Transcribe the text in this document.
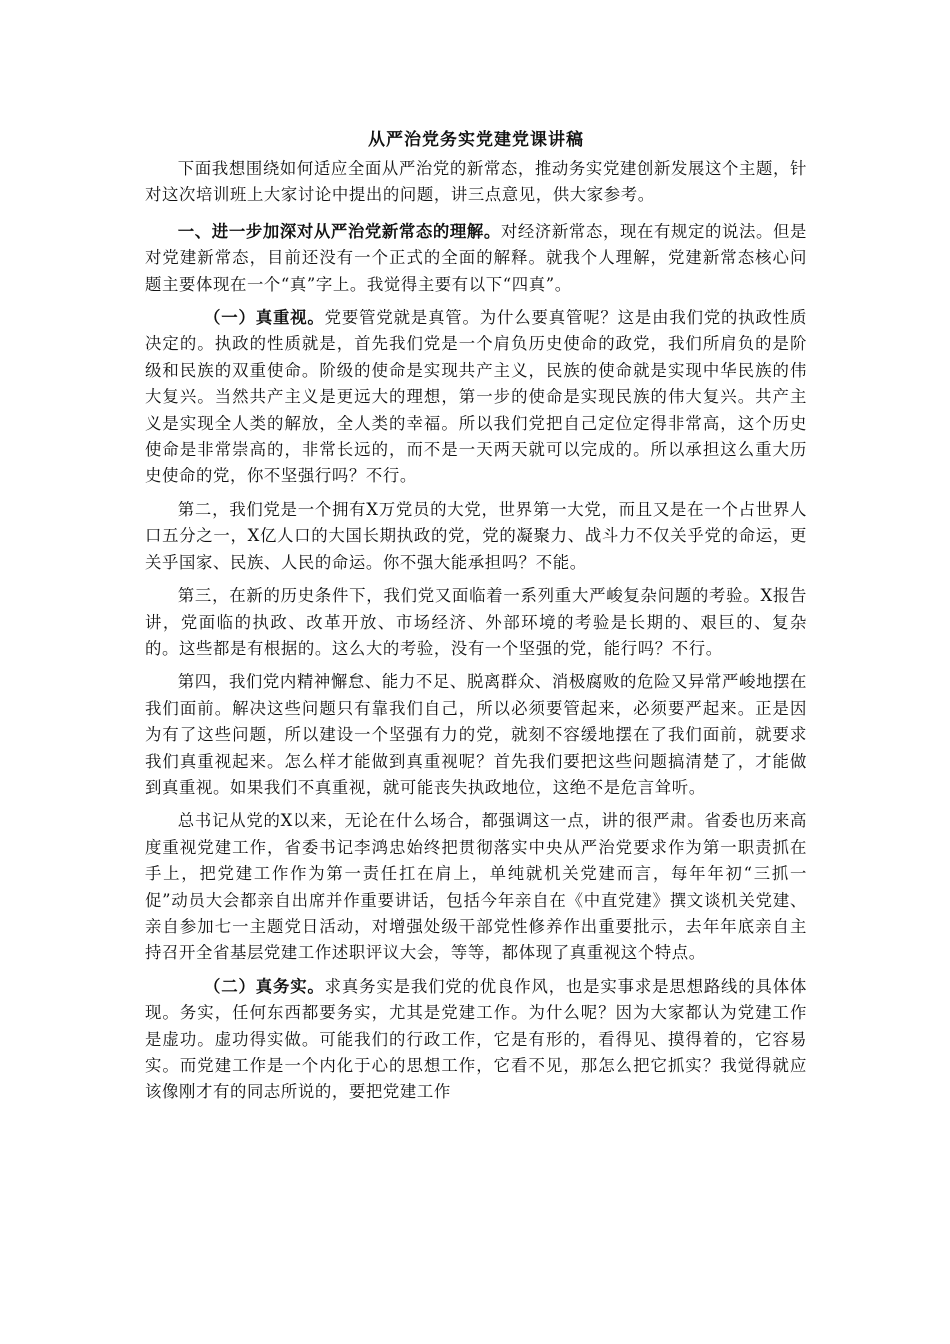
从严治党务实党建党课讲稿

下面我想围绕如何适应全面从严治党的新常态，推动务实党建创新发展这个主题，针对这次培训班上大家讨论中提出的问题，讲三点意见，供大家参考。

一、进一步加深对从严治党新常态的理解。对经济新常态，现在有规定的说法。但是对党建新常态，目前还没有一个正式的全面的解释。就我个人理解，党建新常态核心问题主要体现在一个“真”字上。我觉得主要有以下“四真”。

（一）真重视。党要管党就是真管。为什么要真管呢？这是由我们党的执政性质决定的。执政的性质就是，首先我们党是一个肩负历史使命的政党，我们所肩负的是阶级和民族的双重使命。阶级的使命是实现共产主义，民族的使命就是实现中华民族的伟大复兴。当然共产主义是更远大的理想，第一步的使命是实现民族的伟大复兴。共产主义是实现全人类的解放，全人类的幸福。所以我们党把自己定位定得非常高，这个历史使命是非常崇高的，非常长远的，而不是一天两天就可以完成的。所以承担这么重大历史使命的党，你不坚强行吗？不行。

第二，我们党是一个拥有X万党员的大党，世界第一大党，而且又是在一个占世界人口五分之一，X亿人口的大国长期执政的党，党的凝聚力、战斗力不仅关乎党的命运，更关乎国家、民族、人民的命运。你不强大能承担吗？不能。

第三，在新的历史条件下，我们党又面临着一系列重大严峻复杂问题的考验。X报告讲，党面临的执政、改革开放、市场经济、外部环境的考验是长期的、艰巨的、复杂的。这些都是有根据的。这么大的考验，没有一个坚强的党，能行吗？不行。

第四，我们党内精神懈怠、能力不足、脱离群众、消极腐败的危险又异常严峻地摆在我们面前。解决这些问题只有靠我们自己，所以必须要管起来，必须要严起来。正是因为有了这些问题，所以建设一个坚强有力的党，就刻不容缓地摆在了我们面前，就要求我们真重视起来。怎么样才能做到真重视呢？首先我们要把这些问题搞清楚了，才能做到真重视。如果我们不真重视，就可能丧失执政地位，这绝不是危言耸听。

总书记从党的X以来，无论在什么场合，都强调这一点，讲的很严肃。省委也历来高度重视党建工作，省委书记李鸿忠始终把贯彻落实中央从严治党要求作为第一职责抓在手上，把党建工作作为第一责任扛在肩上，单纯就机关党建而言，每年年初“三抓一促”动员大会都亲自出席并作重要讲话，包括今年亲自在《中直党建》撰文谈机关党建、亲自参加七一主题党日活动，对增强处级干部党性修养作出重要批示，去年年底亲自主持召开全省基层党建工作述职评议大会，等等，都体现了真重视这个特点。

（二）真务实。求真务实是我们党的优良作风，也是实事求是思想路线的具体体现。务实，任何东西都要务实，尤其是党建工作。为什么呢？因为大家都认为党建工作是虚功。虚功得实做。可能我们的行政工作，它是有形的，看得见、摸得着的，它容易实。而党建工作是一个内化于心的思想工作，它看不见，那怎么把它抓实？我觉得就应该像刚才有的同志所说的，要把党建工作
